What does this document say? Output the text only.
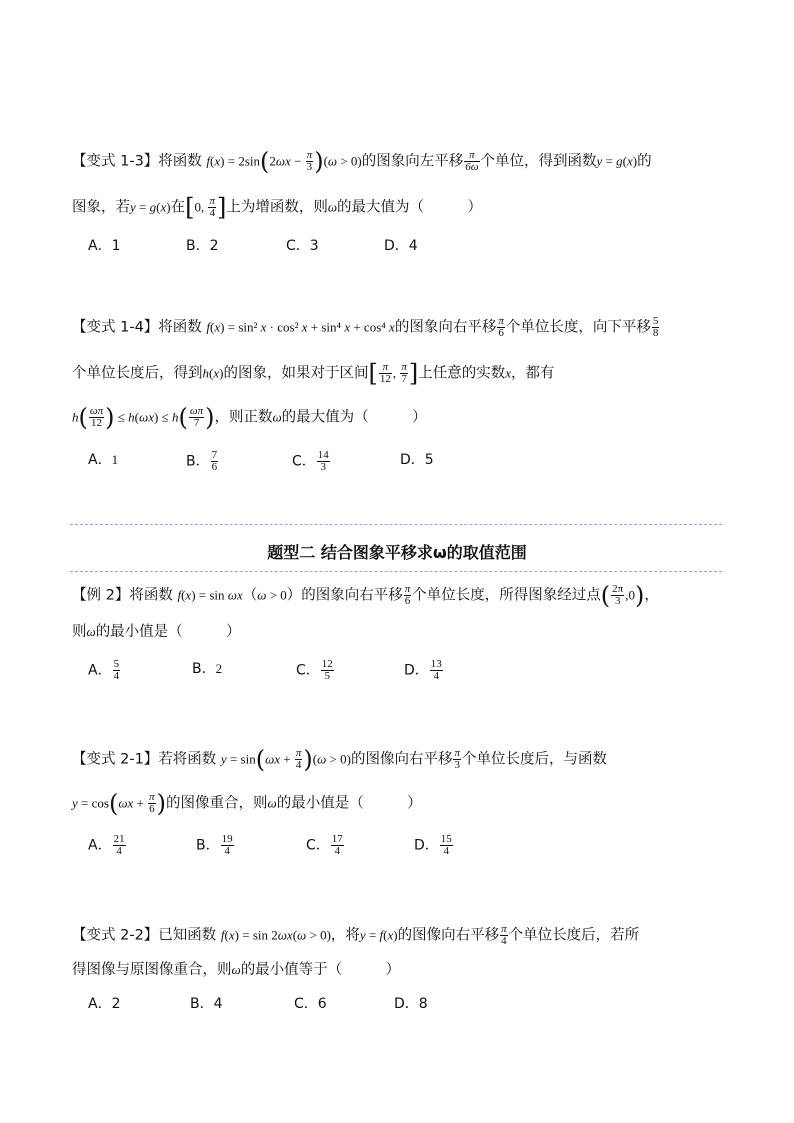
【变式 1-3】将函数 $f(x) = 2\sin(2\omega x - \frac{\pi}{3} )(\omega > 0)$的图象向左平移 $\frac{\pi}{6\omega}$ 个单位，得到函数y = g(x)的
图象，若y = g(x)在[0, $\frac{\pi}{4}$ ]上为增函数，则ω的最大值为（　　　）
A．1	B．2	C．3	D．4
【变式 1-4】将函数 f(x) = sin² x · cos² x + sin⁴ x + cos⁴ x的图象向右平移 $\frac{\pi}{6}$ 个单位长度，向下平移 $\frac{5}{8}$
个单位长度后，得到h(x)的图象，如果对于区间[ $\frac{\pi}{12}$ , $\frac{\pi}{7}$ ]上任意的实数x，都有
$h( \frac{\omega\pi}{12}$ ) ≤ $h(\omega x) \le h( \frac{\omega\pi}{7}$ )，则正数ω的最大值为（　　　）
A．1	B． $\frac{7}{6}$	C． $\frac{14}{3}$	D．5
题型二 结合图象平移求ω的取值范围
【例 2】将函数 f(x) = sin ωx（ω > 0）的图象向右平移 $\frac{\pi}{6}$ 个单位长度，所得图象经过点( $\frac{2\pi}{3} ,0$)，
则ω的最小值是（　　　）
A． $\frac{5}{4}$	B．2	C． $\frac{12}{5}$	D． $\frac{13}{4}$
【变式 2-1】若将函数 $y = \sin(\omega x + \frac{\pi}{4} )(\omega > 0)$的图像向右平移 $\frac{\pi}{3}$ 个单位长度后，与函数
$y = \cos(\omega x + \frac{\pi}{6}$ )的图像重合，则ω的最小值是（　　　）
A． $\frac{21}{4}$	B． $\frac{19}{4}$	C． $\frac{17}{4}$	D． $\frac{15}{4}$
【变式 2-2】已知函数 f(x) = sin 2ωx(ω > 0)，将y = f(x)的图像向右平移 $\frac{\pi}{4}$ 个单位长度后，若所
得图像与原图像重合，则ω的最小值等于（　　　）
A．2	B．4	C．6	D．8
